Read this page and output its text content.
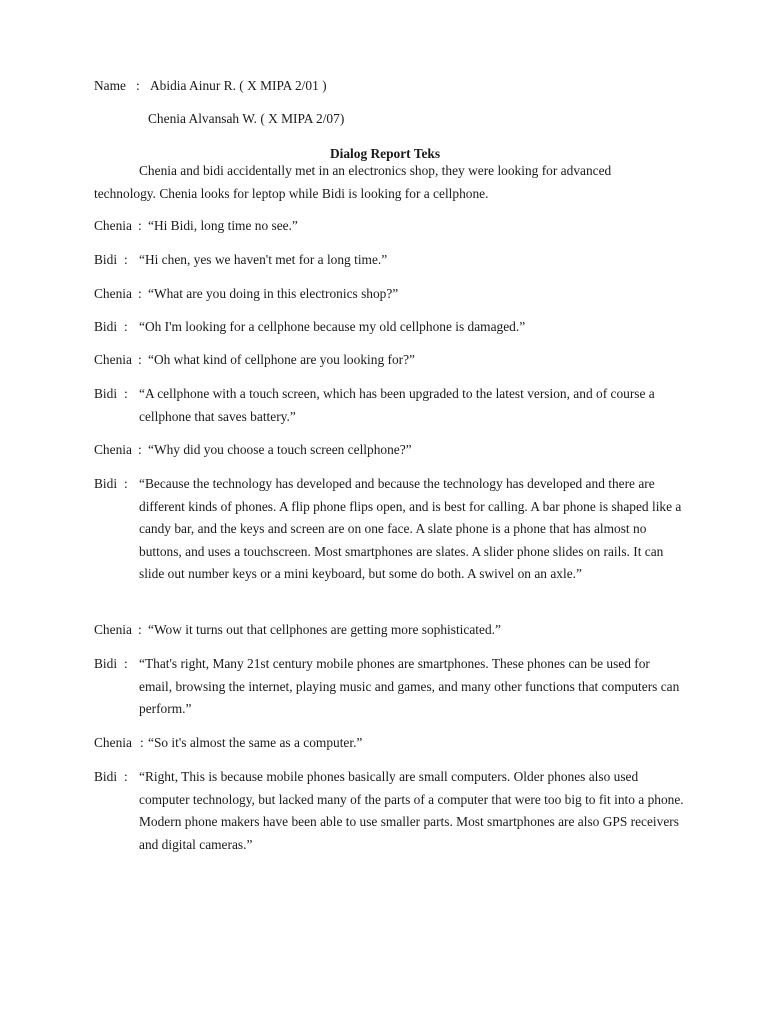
Name : Abidia Ainur R. ( X MIPA 2/01 )
Chenia Alvansah W. ( X MIPA 2/07)
Dialog Report Teks
Chenia and bidi accidentally met in an electronics shop, they were looking for advanced technology. Chenia looks for leptop while Bidi is looking for a cellphone.
Chenia : “Hi Bidi, long time no see.”
Bidi : “Hi chen, yes we haven't met for a long time.”
Chenia : “What are you doing in this electronics shop?”
Bidi : “Oh I'm looking for a cellphone because my old cellphone is damaged.”
Chenia : “Oh what kind of cellphone are you looking for?”
Bidi : “A cellphone with a touch screen, which has been upgraded to the latest version, and of course a cellphone that saves battery.”
Chenia : “Why did you choose a touch screen cellphone?”
Bidi : “Because the technology has developed and because the technology has developed and there are different kinds of phones. A flip phone flips open, and is best for calling. A bar phone is shaped like a candy bar, and the keys and screen are on one face. A slate phone is a phone that has almost no buttons, and uses a touchscreen. Most smartphones are slates. A slider phone slides on rails. It can slide out number keys or a mini keyboard, but some do both. A swivel on an axle.”
Chenia : “Wow it turns out that cellphones are getting more sophisticated.”
Bidi : “That's right, Many 21st century mobile phones are smartphones. These phones can be used for email, browsing the internet, playing music and games, and many other functions that computers can perform.”
Chenia : “So it's almost the same as a computer.”
Bidi : “Right, This is because mobile phones basically are small computers. Older phones also used computer technology, but lacked many of the parts of a computer that were too big to fit into a phone. Modern phone makers have been able to use smaller parts. Most smartphones are also GPS receivers and digital cameras.”
